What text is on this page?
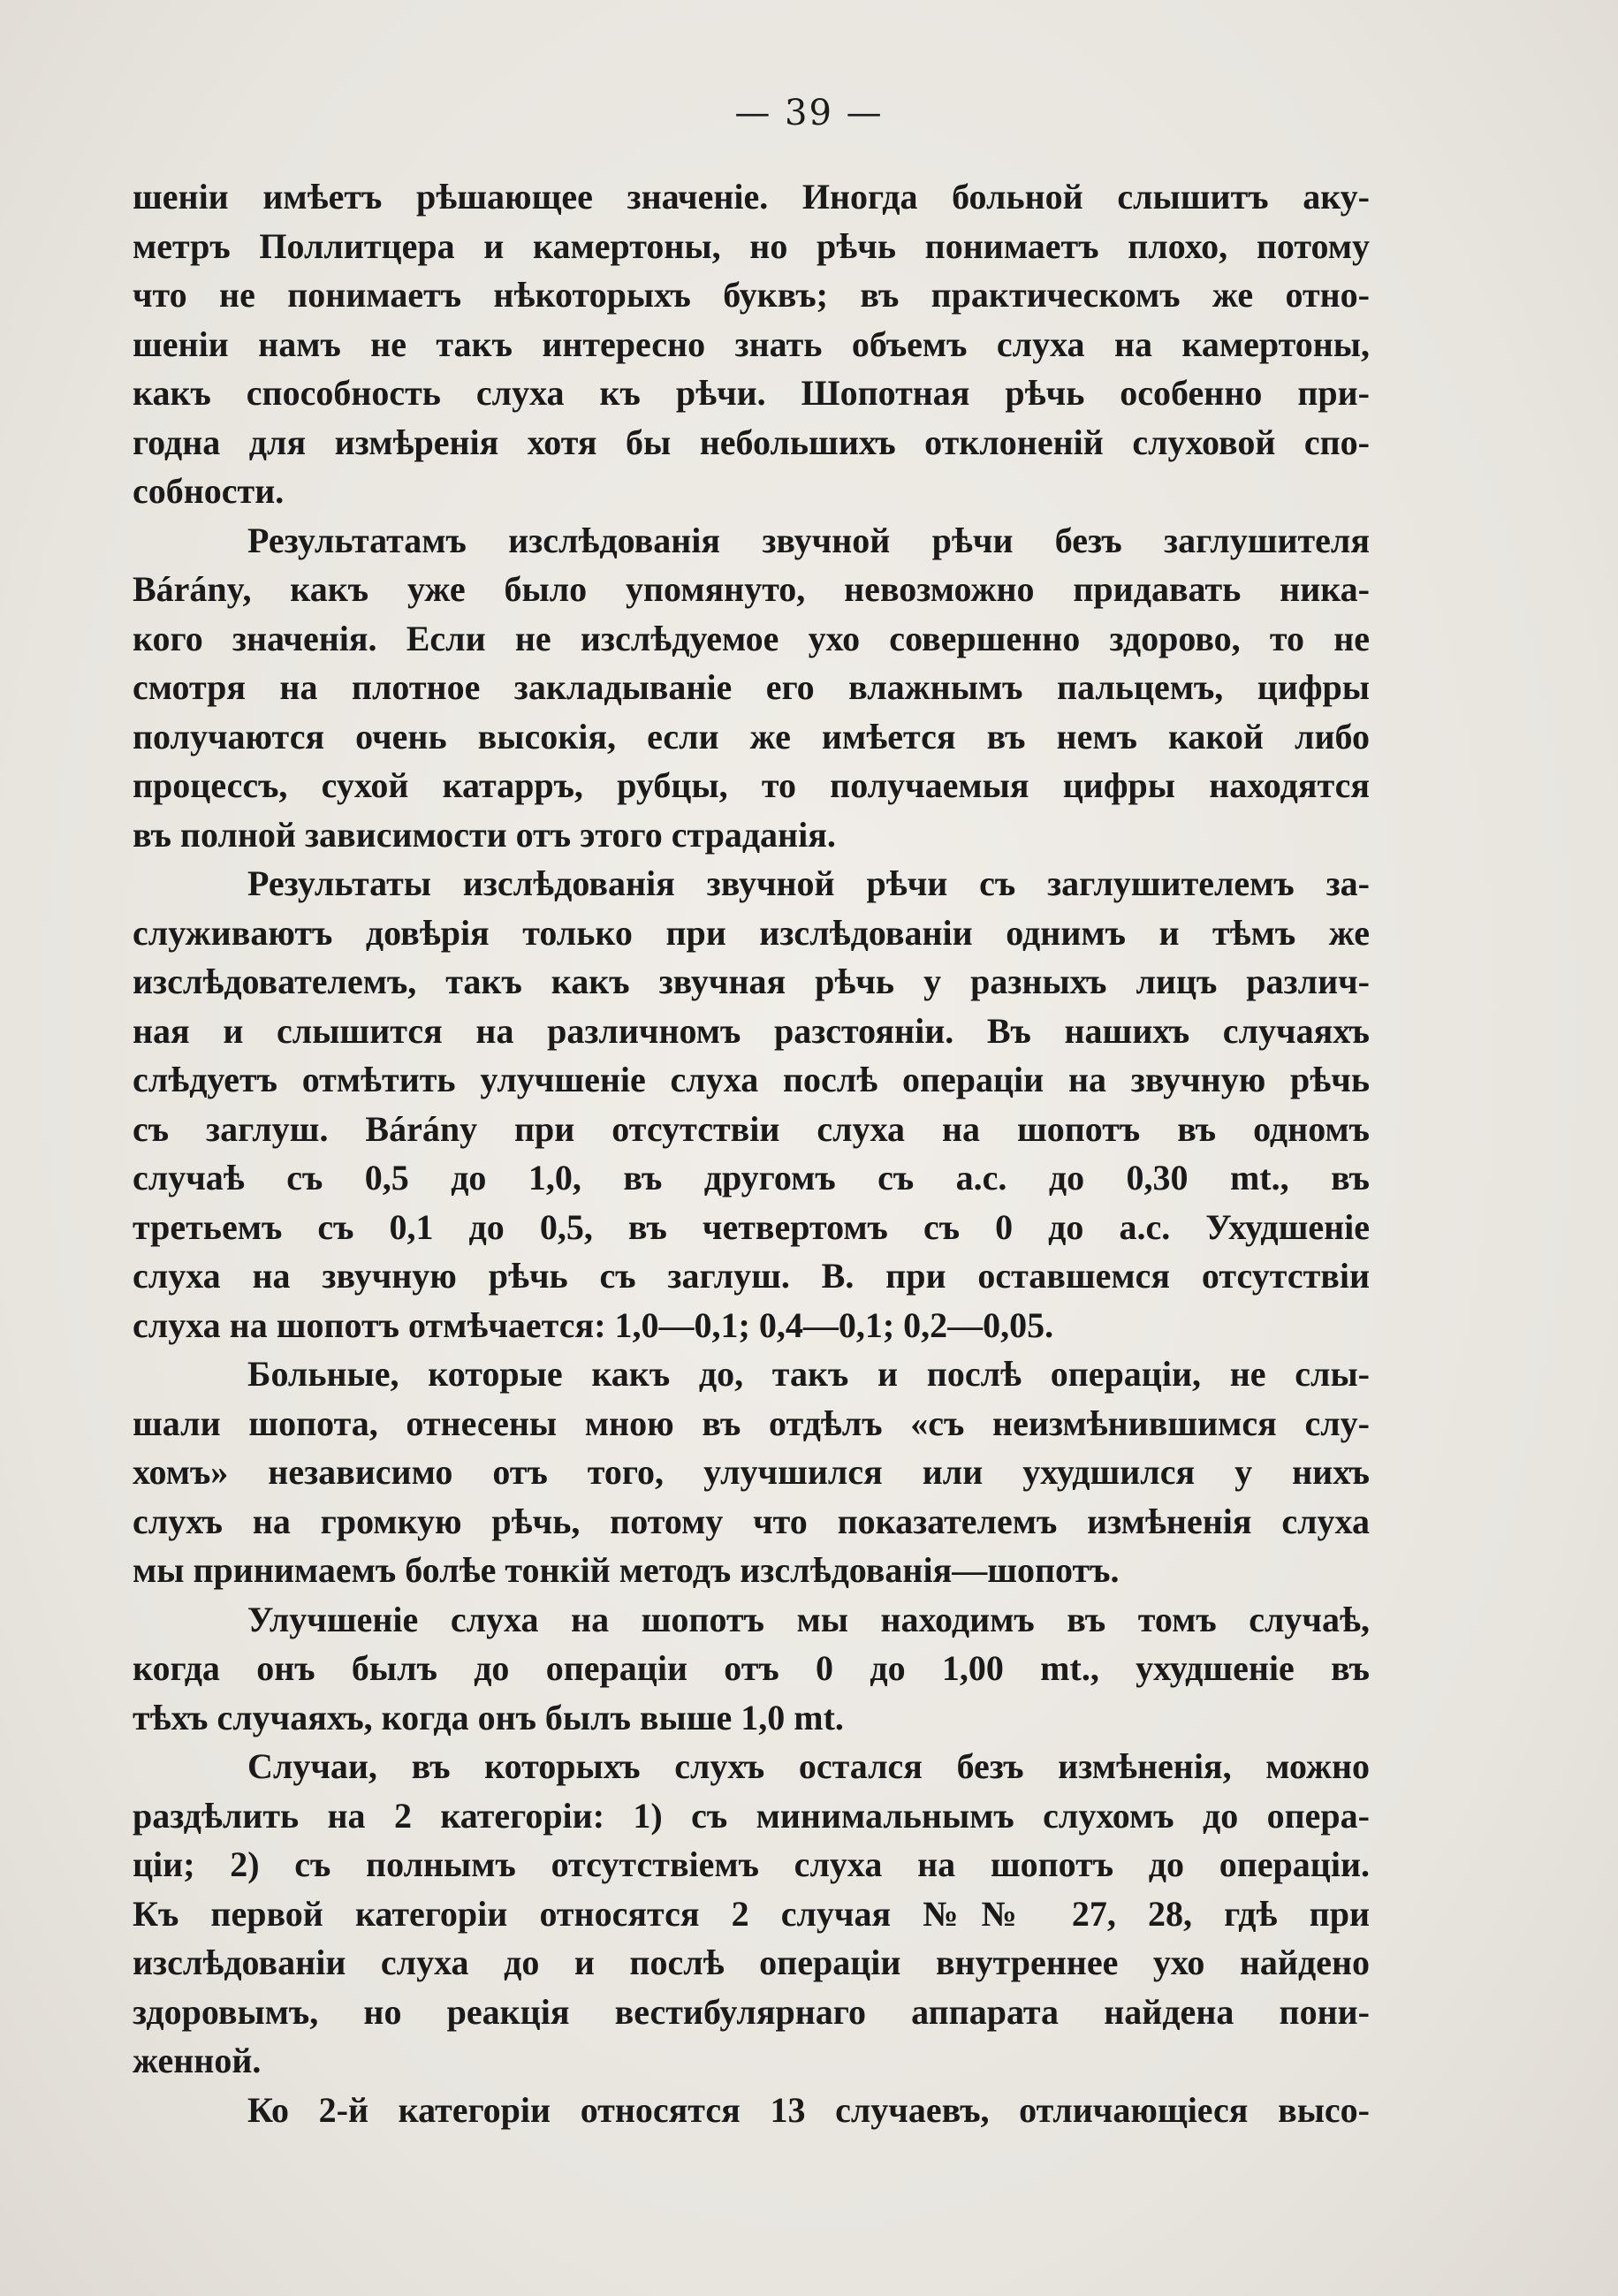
— 39 —
шеніи имѣетъ рѣшающее значеніе. Иногда больной слышитъ аку-
метръ Поллитцера и камертоны, но рѣчь понимаетъ плохо, потому
что не понимаетъ нѣкоторыхъ буквъ; въ практическомъ же отно-
шеніи намъ не такъ интересно знать объемъ слуха на камертоны,
какъ способность слуха къ рѣчи. Шопотная рѣчь особенно при-
годна для измѣренія хотя бы небольшихъ отклоненій слуховой спо-
собности.
Результатамъ изслѣдованія звучной рѣчи безъ заглушителя
Bárány, какъ уже было упомянуто, невозможно придавать ника-
кого значенія. Если не изслѣдуемое ухо совершенно здорово, то не
смотря на плотное закладываніе его влажнымъ пальцемъ, цифры
получаются очень высокія, если же имѣется въ немъ какой либо
процессъ, сухой катарръ, рубцы, то получаемыя цифры находятся
въ полной зависимости отъ этого страданія.
Результаты изслѣдованія звучной рѣчи съ заглушителемъ за-
служиваютъ довѣрія только при изслѣдованіи однимъ и тѣмъ же
изслѣдователемъ, такъ какъ звучная рѣчь у разныхъ лицъ различ-
ная и слышится на различномъ разстояніи. Въ нашихъ случаяхъ
слѣдуетъ отмѣтить улучшеніе слуха послѣ операціи на звучную рѣчь
съ заглуш. Bárány при отсутствіи слуха на шопотъ въ одномъ
случаѣ съ 0,5 до 1,0, въ другомъ съ a.c. до 0,30 mt., въ
третьемъ съ 0,1 до 0,5, въ четвертомъ съ 0 до a.c. Ухудшеніе
слуха на звучную рѣчь съ заглуш. B. при оставшемся отсутствіи
слуха на шопотъ отмѣчается: 1,0—0,1; 0,4—0,1; 0,2—0,05.
Больные, которые какъ до, такъ и послѣ операціи, не слы-
шали шопота, отнесены мною въ отдѣлъ «съ неизмѣнившимся слу-
хомъ» независимо отъ того, улучшился или ухудшился у нихъ
слухъ на громкую рѣчь, потому что показателемъ измѣненія слуха
мы принимаемъ болѣе тонкій методъ изслѣдованія—шопотъ.
Улучшеніе слуха на шопотъ мы находимъ въ томъ случаѣ,
когда онъ былъ до операціи отъ 0 до 1,00 mt., ухудшеніе въ
тѣхъ случаяхъ, когда онъ былъ выше 1,0 mt.
Случаи, въ которыхъ слухъ остался безъ измѣненія, можно
раздѣлить на 2 категоріи: 1) съ минимальнымъ слухомъ до опера-
ціи; 2) съ полнымъ отсутствіемъ слуха на шопотъ до операціи.
Къ первой категоріи относятся 2 случая №№ 27, 28, гдѣ при
изслѣдованіи слуха до и послѣ операціи внутреннее ухо найдено
здоровымъ, но реакція вестибулярнаго аппарата найдена пони-
женной.
Ко 2-й категоріи относятся 13 случаевъ, отличающіеся высо-
